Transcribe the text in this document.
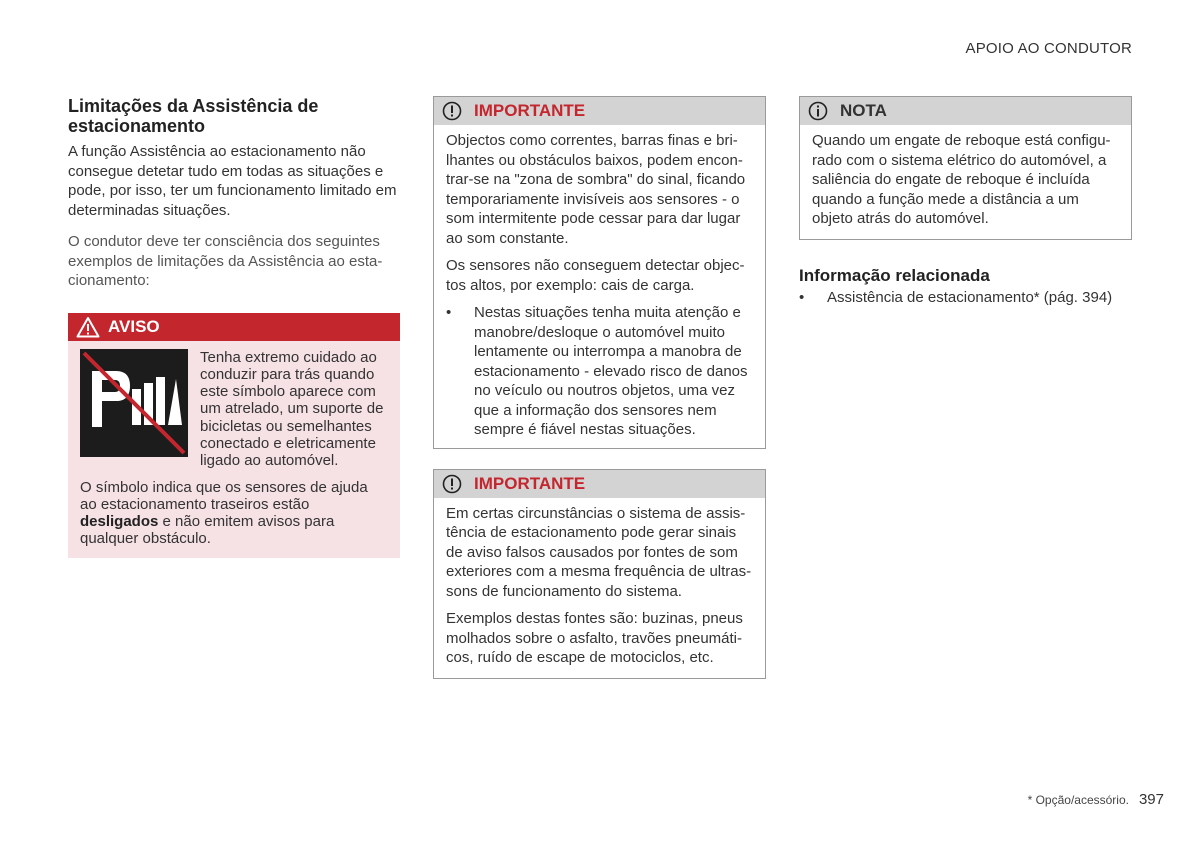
APOIO AO CONDUTOR
Limitações da Assistência de estacionamento
A função Assistência ao estacionamento não consegue detetar tudo em todas as situações e pode, por isso, ter um funcionamento limitado em determinadas situações.
O condutor deve ter consciência dos seguintes exemplos de limitações da Assistência ao esta-cionamento:
AVISO
Tenha extremo cuidado ao conduzir para trás quando este símbolo aparece com um atrelado, um suporte de bicicletas ou semelhantes conectado e eletricamente ligado ao automóvel.
O símbolo indica que os sensores de ajuda ao estacionamento traseiros estão desligados e não emitem avisos para qualquer obstáculo.
IMPORTANTE
Objectos como correntes, barras finas e bri-lhantes ou obstáculos baixos, podem encon-trar-se na "zona de sombra" do sinal, ficando temporariamente invisíveis aos sensores - o som intermitente pode cessar para dar lugar ao som constante.
Os sensores não conseguem detectar objec-tos altos, por exemplo: cais de carga.
•	Nestas situações tenha muita atenção e manobre/desloque o automóvel muito lentamente ou interrompa a manobra de estacionamento - elevado risco de danos no veículo ou noutros objetos, uma vez que a informação dos sensores nem sempre é fiável nestas situações.
IMPORTANTE
Em certas circunstâncias o sistema de assis-tência de estacionamento pode gerar sinais de aviso falsos causados por fontes de som exteriores com a mesma frequência de ultras-sons de funcionamento do sistema.
Exemplos destas fontes são: buzinas, pneus molhados sobre o asfalto, travões pneumáti-cos, ruído de escape de motociclos, etc.
NOTA
Quando um engate de reboque está configu-rado com o sistema elétrico do automóvel, a saliência do engate de reboque é incluída quando a função mede a distância a um objeto atrás do automóvel.
Informação relacionada
•	Assistência de estacionamento* (pág. 394)
* Opção/acessório. 397
